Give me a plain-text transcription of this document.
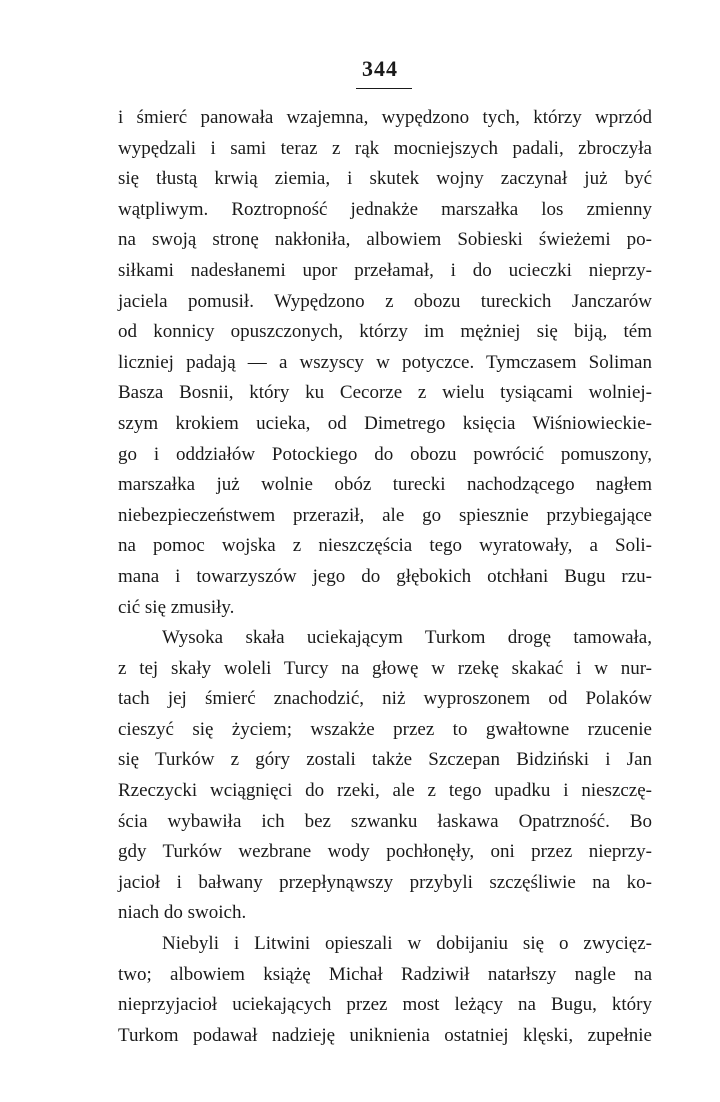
344
i śmierć panowała wzajemna, wypędzono tych, którzy wprzód
wypędzali i sami teraz z rąk mocniejszych padali, zbroczyła
się tłustą krwią ziemia, i skutek wojny zaczynał już być
wątpliwym. Roztropność jednakże marszałka los zmienny
na swoją stronę nakłoniła, albowiem Sobieski świeżemi po-
siłkami nadesłanemi upor przełamał, i do ucieczki nieprzy-
jaciela pomusił. Wypędzono z obozu tureckich Janczarów
od konnicy opuszczonych, którzy im mężniej się biją, tém
liczniej padają — a wszyscy w potyczce. Tymczasem Soliman
Basza Bosnii, który ku Cecorze z wielu tysiącami wolniej-
szym krokiem ucieka, od Dimetrego księcia Wiśniowieckie-
go i oddziałów Potockiego do obozu powrócić pomuszony,
marszałka już wolnie obóz turecki nachodzącego nagłem
niebezpieczeństwem przeraził, ale go spiesznie przybiegające
na pomoc wojska z nieszczęścia tego wyratowały, a Soli-
mana i towarzyszów jego do głębokich otchłani Bugu rzu-
cić się zmusiły.
Wysoka skała uciekającym Turkom drogę tamowała,
z tej skały woleli Turcy na głowę w rzekę skakać i w nur-
tach jej śmierć znachodzić, niż wyproszonem od Polaków
cieszyć się życiem; wszakże przez to gwałtowne rzucenie
się Turków z góry zostali także Szczepan Bidziński i Jan
Rzeczycki wciągnięci do rzeki, ale z tego upadku i nieszczę-
ścia wybawiła ich bez szwanku łaskawa Opatrzność. Bo
gdy Turków wezbrane wody pochłonęły, oni przez nieprzy-
jacioł i bałwany przepłynąwszy przybyli szczęśliwie na ko-
niach do swoich.
Niebyli i Litwini opieszali w dobijaniu się o zwycięz-
two; albowiem książę Michał Radziwił natarłszy nagle na
nieprzyjacioł uciekających przez most leżący na Bugu, który
Turkom podawał nadzieję uniknienia ostatniej klęski, zupełnie
